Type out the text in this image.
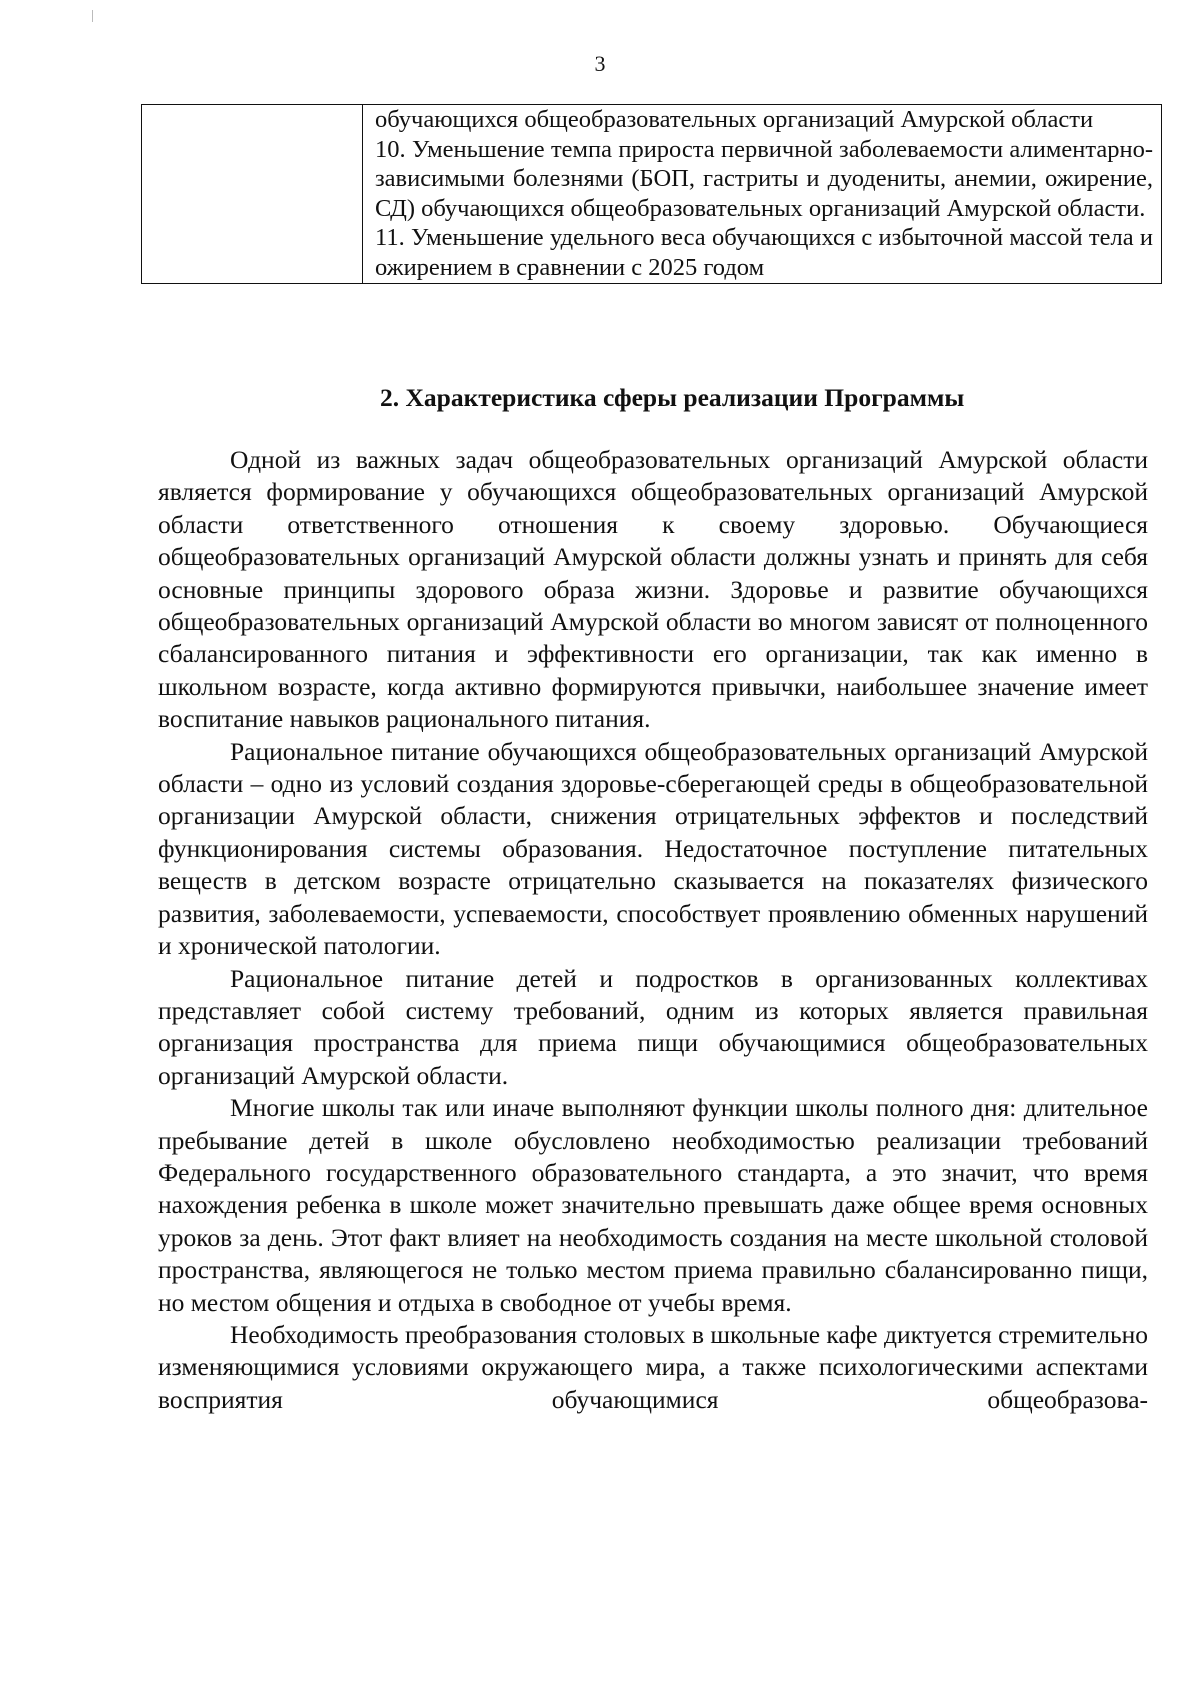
3

обучающихся общеобразовательных организаций Амурской области
10. Уменьшение темпа прироста первичной заболеваемости алиментарно-зависимыми болезнями (БОП, гастриты и дуодениты, анемии, ожирение, СД) обучающихся общеобразовательных организаций Амурской области.
11. Уменьшение удельного веса обучающихся с избыточной массой тела и ожирением в сравнении с 2025 годом
2. Характеристика сферы реализации Программы

Одной из важных задач общеобразовательных организаций Амурской области является формирование у обучающихся общеобразовательных организаций Амурской области ответственного отношения к своему здоровью. Обучающиеся общеобразовательных организаций Амурской области должны узнать и принять для себя основные принципы здорового образа жизни. Здоровье и развитие обучающихся общеобразовательных организаций Амурской области во многом зависят от полноценного сбалансированного питания и эффективности его организации, так как именно в школьном возрасте, когда активно формируются привычки, наибольшее значение имеет воспитание навыков рационального питания.

Рациональное питание обучающихся общеобразовательных организаций Амурской области – одно из условий создания здоровье-сберегающей среды в общеобразовательной организации Амурской области, снижения отрицательных эффектов и последствий функционирования системы образования. Недостаточное поступление питательных веществ в детском возрасте отрицательно сказывается на показателях физического развития, заболеваемости, успеваемости, способствует проявлению обменных нарушений и хронической патологии.

Рациональное питание детей и подростков в организованных коллективах представляет собой систему требований, одним из которых является правильная организация пространства для приема пищи обучающимися общеобразовательных организаций Амурской области.

Многие школы так или иначе выполняют функции школы полного дня: длительное пребывание детей в школе обусловлено необходимостью реализации требований Федерального государственного образовательного стандарта, а это значит, что время нахождения ребенка в школе может значительно превышать даже общее время основных уроков за день. Этот факт влияет на необходимость создания на месте школьной столовой пространства, являющегося не только местом приема правильно сбалансированно пищи, но местом общения и отдыха в свободное от учебы время.

Необходимость преобразования столовых в школьные кафе диктуется стремительно изменяющимися условиями окружающего мира, а также психологическими аспектами восприятия обучающимися общеобразова-
